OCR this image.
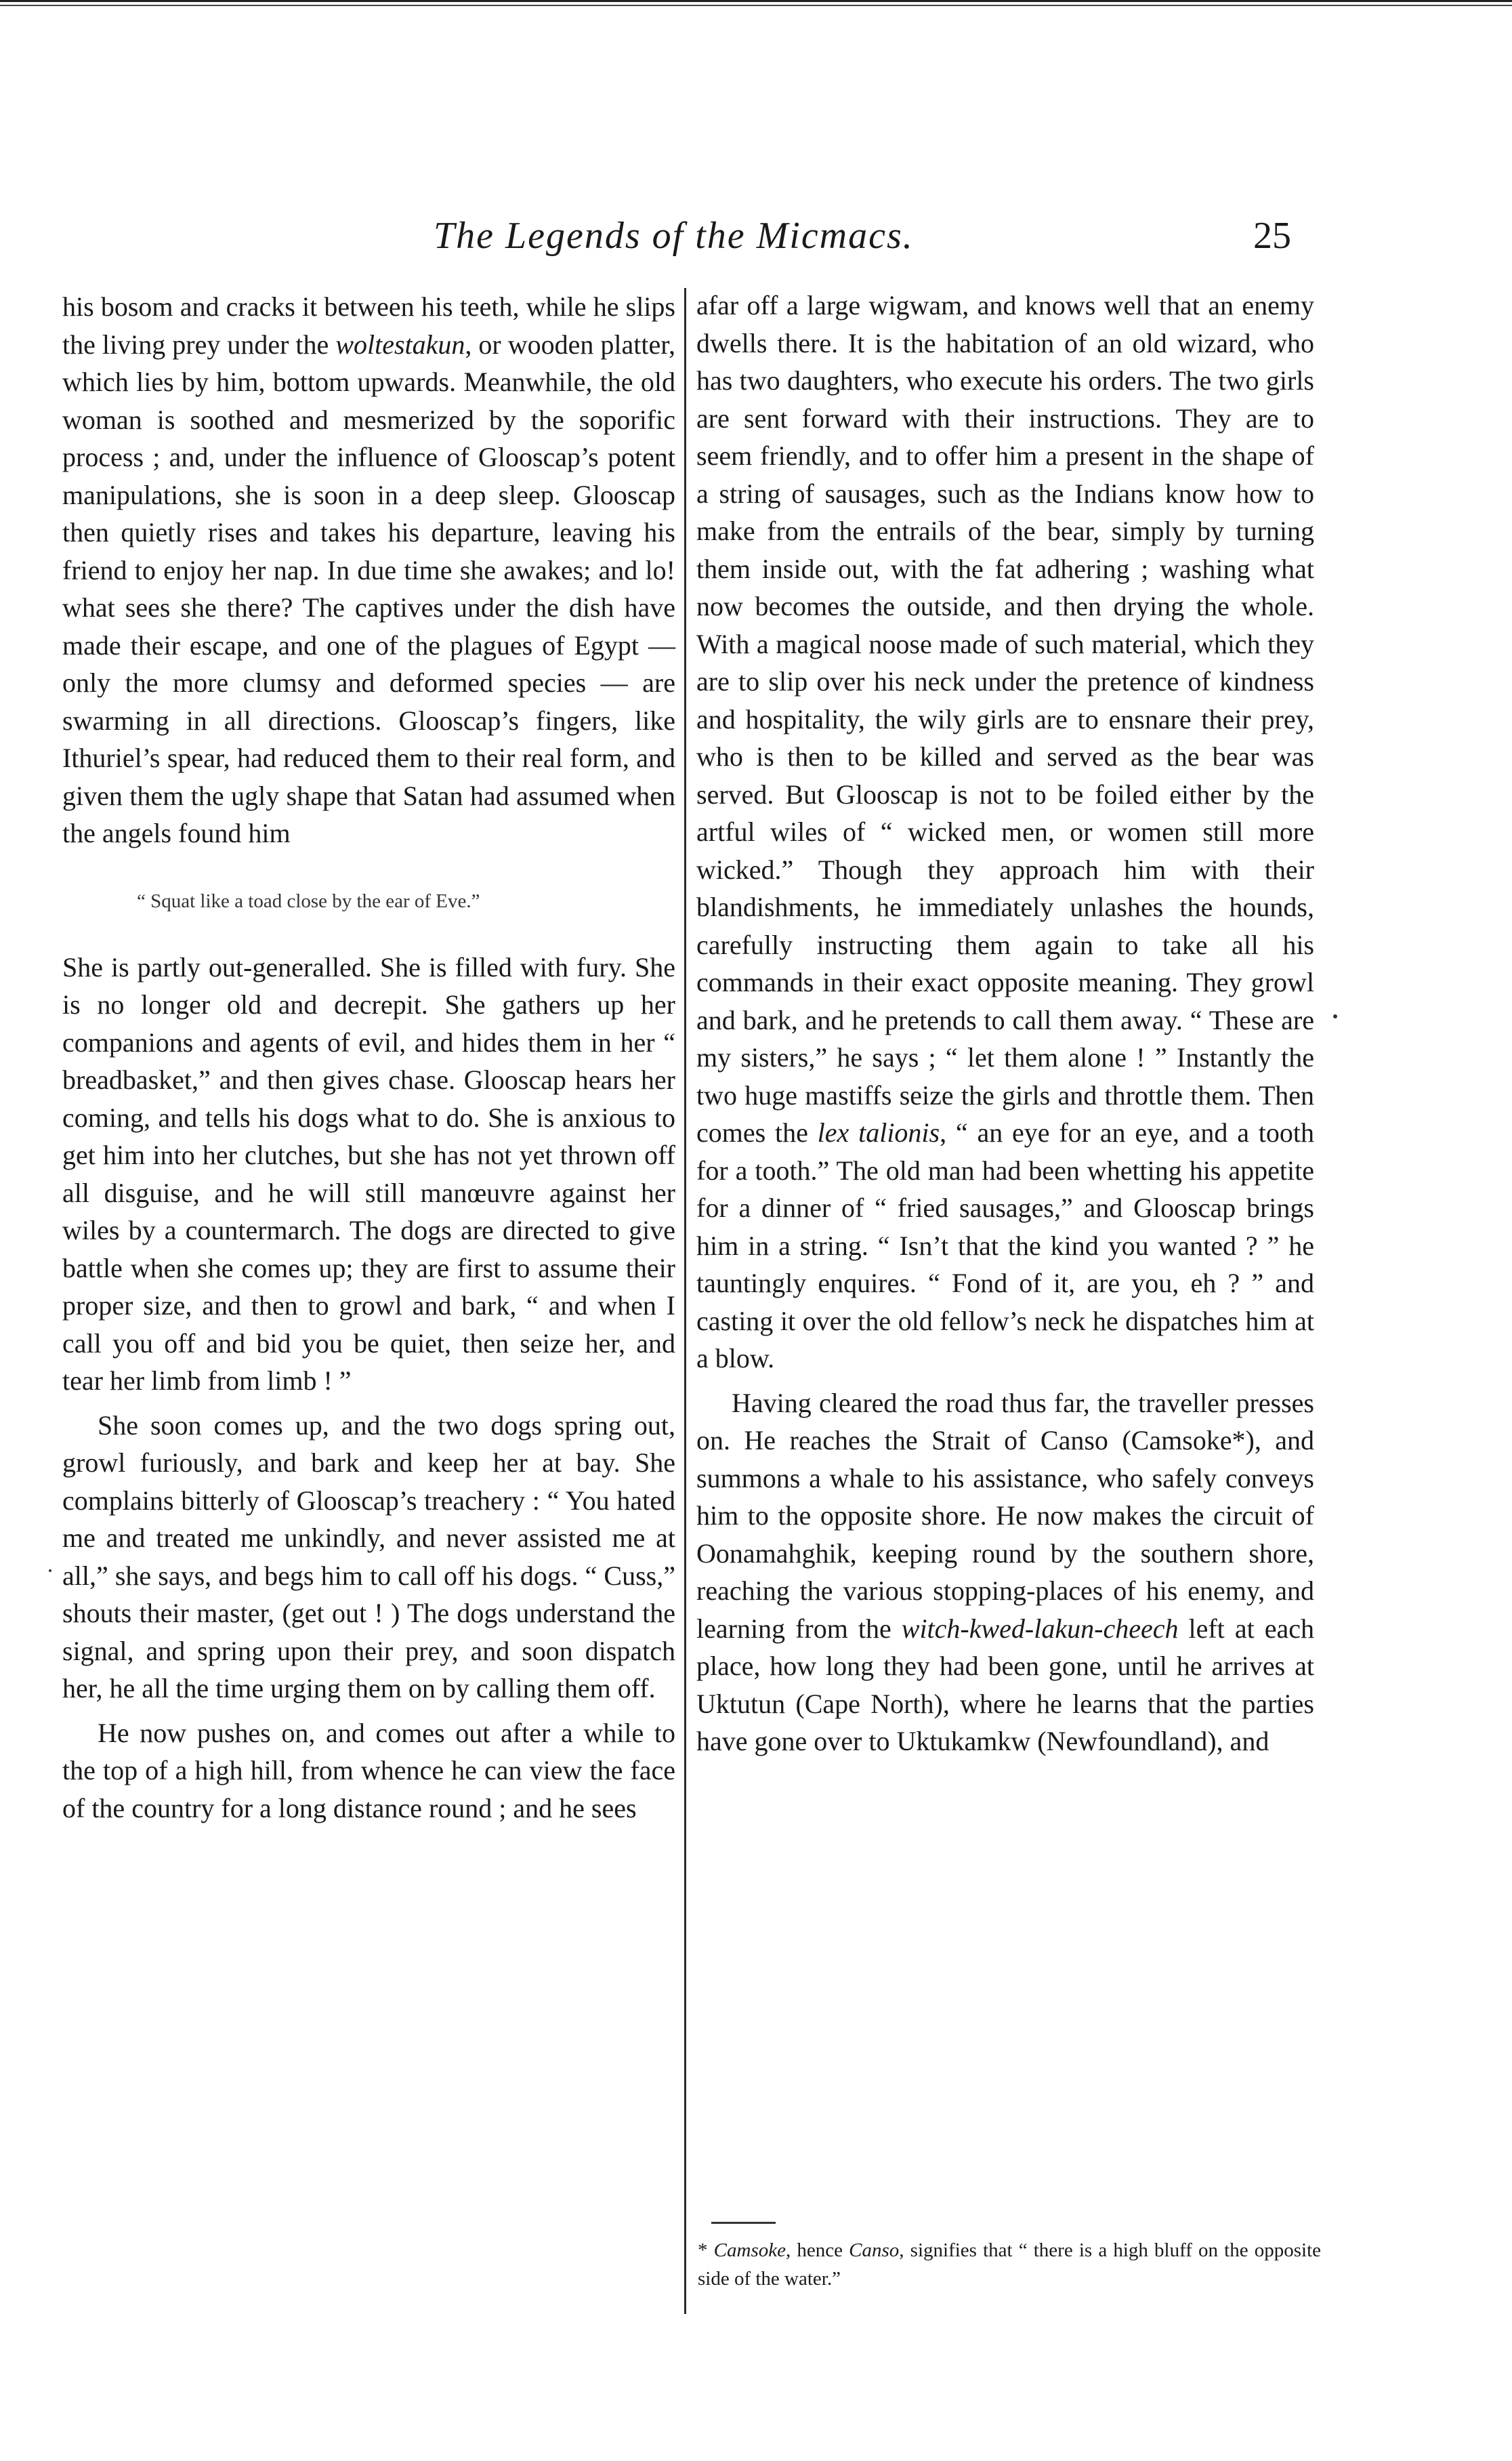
The Legends of the Micmacs.	25

his bosom and cracks it between his teeth, while he slips the living prey under the woltestakun, or wooden platter, which lies by him, bottom upwards. Meanwhile, the old woman is soothed and mesmerized by the soporific process ; and, under the influence of Glooscap’s potent manipulations, she is soon in a deep sleep. Glooscap then quietly rises and takes his departure, leaving his friend to enjoy her nap. In due time she awakes; and lo! what sees she there? The captives under the dish have made their escape, and one of the plagues of Egypt — only the more clumsy and deformed species — are swarming in all directions. Glooscap’s fingers, like Ithuriel’s spear, had reduced them to their real form, and given them the ugly shape that Satan had assumed when the angels found him

“ Squat like a toad close by the ear of Eve.”

She is partly out-generalled. She is filled with fury. She is no longer old and decrepit. She gathers up her companions and agents of evil, and hides them in her “ breadbasket,” and then gives chase. Glooscap hears her coming, and tells his dogs what to do. She is anxious to get him into her clutches, but she has not yet thrown off all disguise, and he will still manœuvre against her wiles by a countermarch. The dogs are directed to give battle when she comes up; they are first to assume their proper size, and then to growl and bark, “ and when I call you off and bid you be quiet, then seize her, and tear her limb from limb ! ”

She soon comes up, and the two dogs spring out, growl furiously, and bark and keep her at bay. She complains bitterly of Glooscap’s treachery : “ You hated me and treated me unkindly, and never assisted me at all,” she says, and begs him to call off his dogs. “ Cuss,” shouts their master, (get out ! ) The dogs understand the signal, and spring upon their prey, and soon dispatch her, he all the time urging them on by calling them off.

He now pushes on, and comes out after a while to the top of a high hill, from whence he can view the face of the country for a long distance round ; and he sees

afar off a large wigwam, and knows well that an enemy dwells there. It is the habitation of an old wizard, who has two daughters, who execute his orders. The two girls are sent forward with their instructions. They are to seem friendly, and to offer him a present in the shape of a string of sausages, such as the Indians know how to make from the entrails of the bear, simply by turning them inside out, with the fat adhering ; washing what now becomes the outside, and then drying the whole. With a magical noose made of such material, which they are to slip over his neck under the pretence of kindness and hospitality, the wily girls are to ensnare their prey, who is then to be killed and served as the bear was served. But Glooscap is not to be foiled either by the artful wiles of “ wicked men, or women still more wicked.” Though they approach him with their blandishments, he immediately unlashes the hounds, carefully instructing them again to take all his commands in their exact opposite meaning. They growl and bark, and he pretends to call them away. “ These are my sisters,” he says ; “ let them alone ! ” Instantly the two huge mastiffs seize the girls and throttle them. Then comes the lex talionis, “ an eye for an eye, and a tooth for a tooth.” The old man had been whetting his appetite for a dinner of “ fried sausages,” and Glooscap brings him in a string. “ Isn’t that the kind you wanted ? ” he tauntingly enquires. “ Fond of it, are you, eh ? ” and casting it over the old fellow’s neck he dispatches him at a blow.

Having cleared the road thus far, the traveller presses on. He reaches the Strait of Canso (Camsoke*), and summons a whale to his assistance, who safely conveys him to the opposite shore. He now makes the circuit of Oonamahghik, keeping round by the southern shore, reaching the various stopping-places of his enemy, and learning from the witch-kwed-lakun-cheech left at each place, how long they had been gone, until he arrives at Uktutun (Cape North), where he learns that the parties have gone over to Uktukamkw (Newfoundland), and

* Camsoke, hence Canso, signifies that “ there is a high bluff on the opposite side of the water.”
